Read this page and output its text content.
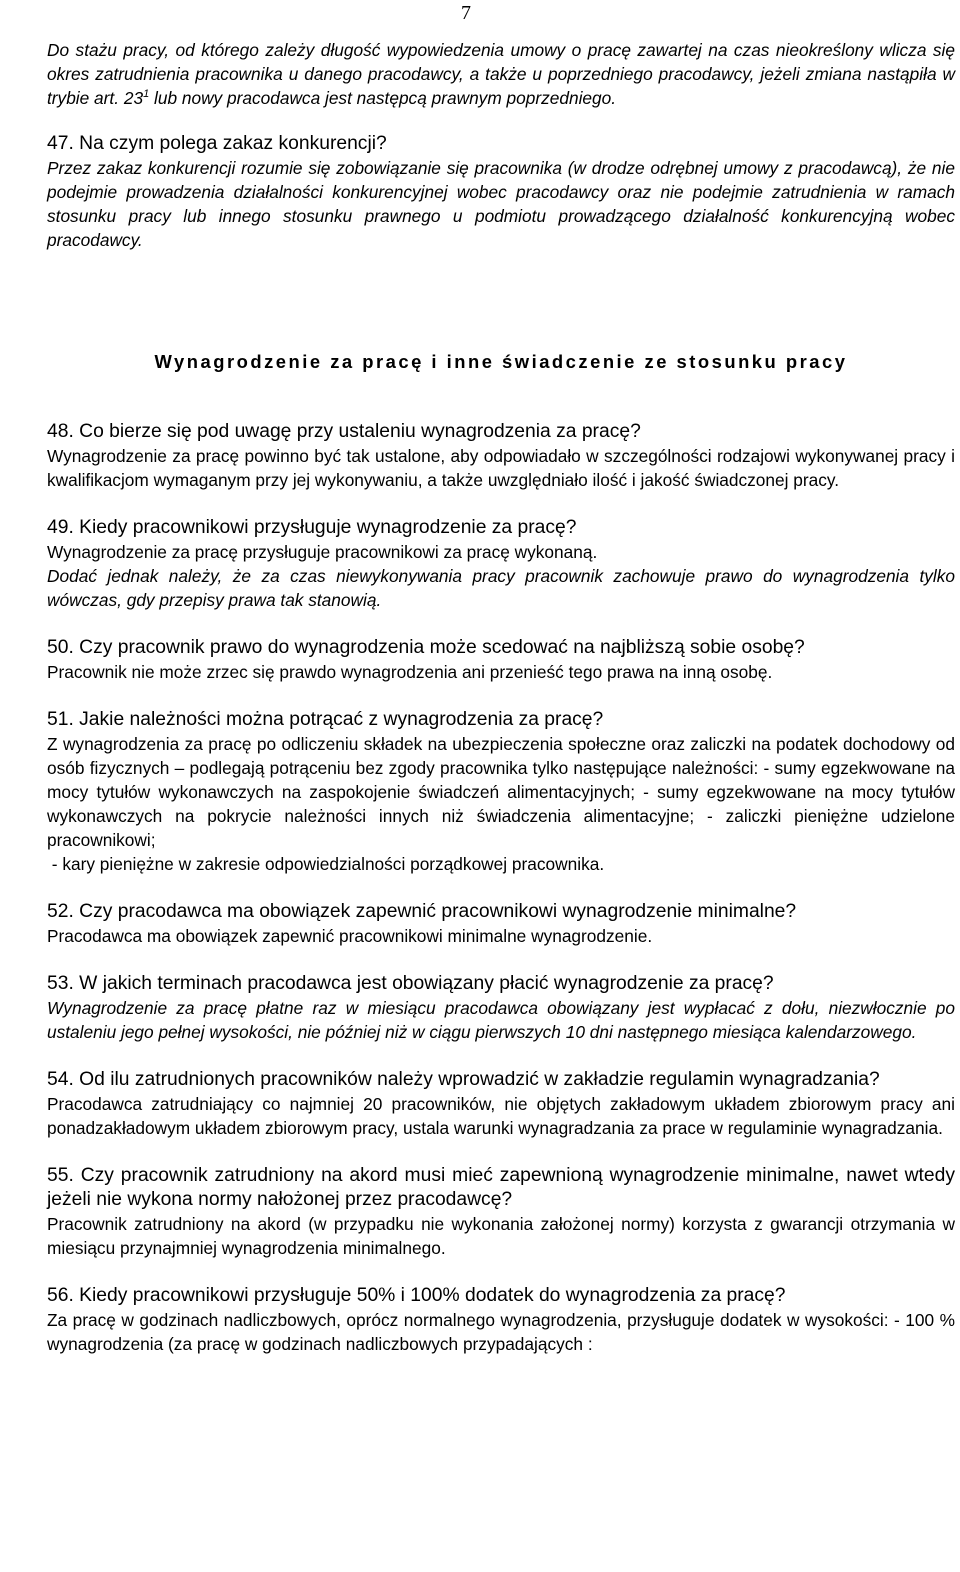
7

Do stażu pracy, od którego zależy długość wypowiedzenia umowy o pracę zawartej na czas nieokreślony wlicza się okres zatrudnienia pracownika u danego pracodawcy, a także u poprzedniego pracodawcy, jeżeli zmiana nastąpiła w trybie art. $23^1$ lub nowy pracodawca jest następcą prawnym poprzedniego.

47. Na czym polega zakaz konkurencji?

Przez zakaz konkurencji rozumie się zobowiązanie się pracownika (w drodze odrębnej umowy z pracodawcą), że nie podejmie prowadzenia działalności konkurencyjnej wobec pracodawcy oraz nie podejmie zatrudnienia w ramach stosunku pracy lub innego stosunku prawnego u podmiotu prowadzącego działalność konkurencyjną wobec pracodawcy.

Wynagrodzenie za pracę i inne świadczenie ze stosunku pracy

48. Co bierze się pod uwagę przy ustaleniu wynagrodzenia za pracę?

Wynagrodzenie za pracę powinno być tak ustalone, aby odpowiadało w szczególności rodzajowi wykonywanej pracy i kwalifikacjom wymaganym przy jej wykonywaniu, a także uwzględniało ilość i jakość świadczonej pracy.

49. Kiedy pracownikowi przysługuje wynagrodzenie za pracę?

Wynagrodzenie za pracę przysługuje pracownikowi za pracę wykonaną.

Dodać jednak należy, że za czas niewykonywania pracy pracownik zachowuje prawo do wynagrodzenia tylko wówczas, gdy przepisy prawa tak stanowią.

50. Czy pracownik prawo do wynagrodzenia może scedować na najbliższą sobie osobę?

Pracownik nie może zrzec się prawdo wynagrodzenia ani przenieść tego prawa na inną osobę.

51. Jakie należności można potrącać z wynagrodzenia za pracę?

Z wynagrodzenia za pracę po odliczeniu składek na ubezpieczenia społeczne oraz zaliczki na podatek dochodowy od osób fizycznych – podlegają potrąceniu bez zgody pracownika tylko następujące należności: - sumy egzekwowane na mocy tytułów wykonawczych na zaspokojenie świadczeń alimentacyjnych; - sumy egzekwowane na mocy tytułów wykonawczych na pokrycie należności innych niż świadczenia alimentacyjne; - zaliczki pieniężne udzielone pracownikowi;

- kary pieniężne w zakresie odpowiedzialności porządkowej pracownika.

52. Czy pracodawca ma obowiązek zapewnić pracownikowi wynagrodzenie minimalne?

Pracodawca ma obowiązek zapewnić pracownikowi minimalne wynagrodzenie.

53. W jakich terminach pracodawca jest obowiązany płacić wynagrodzenie za pracę?

Wynagrodzenie za pracę płatne raz w miesiącu pracodawca obowiązany jest wypłacać z dołu, niezwłocznie po ustaleniu jego pełnej wysokości, nie później niż w ciągu pierwszych 10 dni następnego miesiąca kalendarzowego.

54. Od ilu zatrudnionych pracowników należy wprowadzić w zakładzie regulamin wynagradzania?

Pracodawca zatrudniający co najmniej 20 pracowników, nie objętych zakładowym układem zbiorowym pracy ani ponadzakładowym układem zbiorowym pracy, ustala warunki wynagradzania za prace w regulaminie wynagradzania.

55. Czy pracownik zatrudniony na akord musi mieć zapewnioną wynagrodzenie minimalne, nawet wtedy jeżeli nie wykona normy nałożonej przez pracodawcę?

Pracownik zatrudniony na akord (w przypadku nie wykonania założonej normy) korzysta z gwarancji otrzymania w miesiącu przynajmniej wynagrodzenia minimalnego.

56. Kiedy pracownikowi przysługuje 50% i 100% dodatek do wynagrodzenia za pracę?

Za pracę w godzinach nadliczbowych, oprócz normalnego wynagrodzenia, przysługuje dodatek w wysokości: - 100 % wynagrodzenia (za pracę w godzinach nadliczbowych przypadających :
